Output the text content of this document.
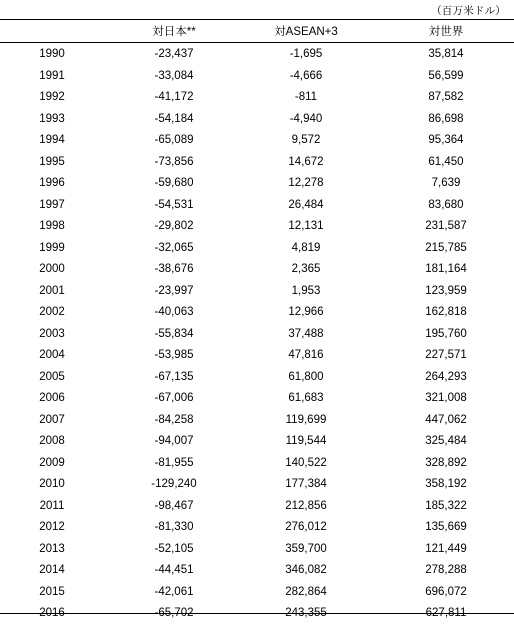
（百万米ドル）
対日本**	対ASEAN+3	対世界
1990	-23,437	-1,695	35,814
1991	-33,084	-4,666	56,599
1992	-41,172	-811	87,582
1993	-54,184	-4,940	86,698
1994	-65,089	9,572	95,364
1995	-73,856	14,672	61,450
1996	-59,680	12,278	7,639
1997	-54,531	26,484	83,680
1998	-29,802	12,131	231,587
1999	-32,065	4,819	215,785
2000	-38,676	2,365	181,164
2001	-23,997	1,953	123,959
2002	-40,063	12,966	162,818
2003	-55,834	37,488	195,760
2004	-53,985	47,816	227,571
2005	-67,135	61,800	264,293
2006	-67,006	61,683	321,008
2007	-84,258	119,699	447,062
2008	-94,007	119,544	325,484
2009	-81,955	140,522	328,892
2010	-129,240	177,384	358,192
2011	-98,467	212,856	185,322
2012	-81,330	276,012	135,669
2013	-52,105	359,700	121,449
2014	-44,451	346,082	278,288
2015	-42,061	282,864	696,072
2016	-65,702	243,355	627,811
